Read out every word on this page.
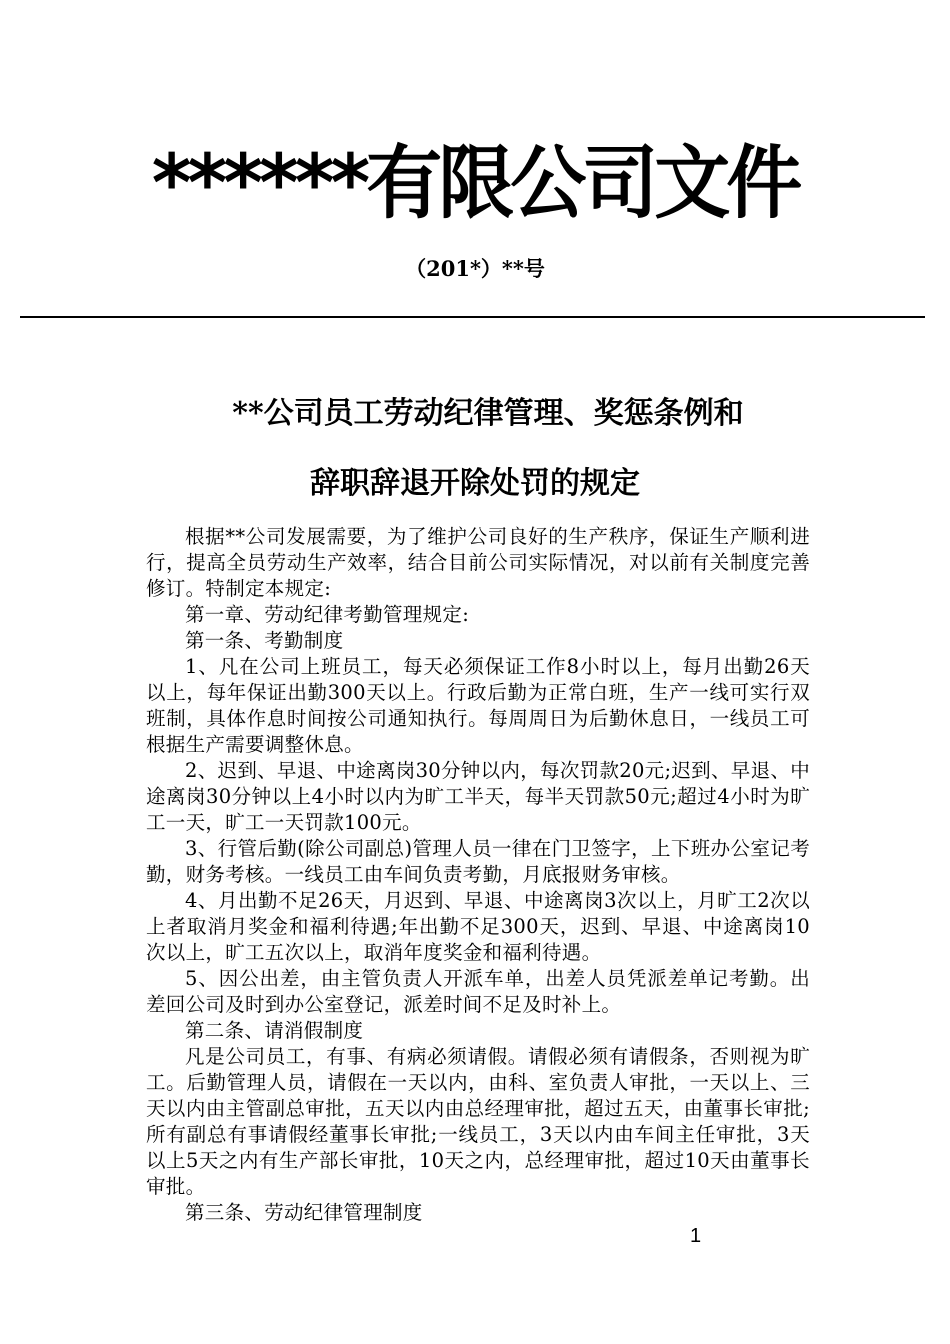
******有限公司文件
（201*）**号
**公司员工劳动纪律管理、奖惩条例和
辞职辞退开除处罚的规定

根据**公司发展需要，为了维护公司良好的生产秩序，保证生产顺利进行，提高全员劳动生产效率，结合目前公司实际情况，对以前有关制度完善修订。特制定本规定:

第一章、劳动纪律考勤管理规定:

第一条、考勤制度

1、凡在公司上班员工，每天必须保证工作8小时以上，每月出勤26天以上，每年保证出勤300天以上。行政后勤为正常白班，生产一线可实行双班制，具体作息时间按公司通知执行。每周周日为后勤休息日，一线员工可根据生产需要调整休息。

2、迟到、早退、中途离岗30分钟以内，每次罚款20元;迟到、早退、中途离岗30分钟以上4小时以内为旷工半天，每半天罚款50元;超过4小时为旷工一天，旷工一天罚款100元。

3、行管后勤(除公司副总)管理人员一律在门卫签字，上下班办公室记考勤，财务考核。一线员工由车间负责考勤，月底报财务审核。

4、月出勤不足26天，月迟到、早退、中途离岗3次以上，月旷工2次以上者取消月奖金和福利待遇;年出勤不足300天，迟到、早退、中途离岗10次以上，旷工五次以上，取消年度奖金和福利待遇。

5、因公出差，由主管负责人开派车单，出差人员凭派差单记考勤。出差回公司及时到办公室登记，派差时间不足及时补上。

第二条、请消假制度

凡是公司员工，有事、有病必须请假。请假必须有请假条，否则视为旷工。后勤管理人员，请假在一天以内，由科、室负责人审批，一天以上、三天以内由主管副总审批，五天以内由总经理审批，超过五天，由董事长审批;所有副总有事请假经董事长审批;一线员工，3天以内由车间主任审批，3天以上5天之内有生产部长审批，10天之内，总经理审批，超过10天由董事长审批。

第三条、劳动纪律管理制度

1
